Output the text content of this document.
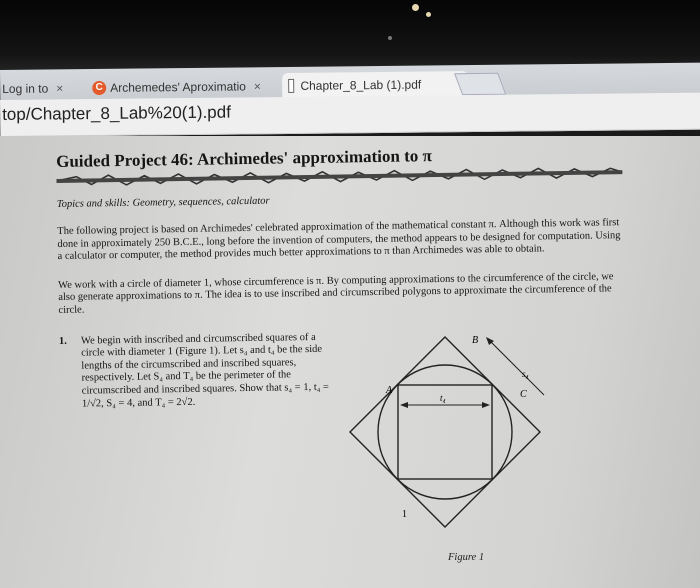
Log in to ×	C Archemedes' Aproximatio ×	Chapter_8_Lab (1).pdf
top/Chapter_8_Lab%20(1).pdf
Guided Project 46: Archimedes' approximation to π
Topics and skills: Geometry, sequences, calculator

The following project is based on Archimedes' celebrated approximation of the mathematical constant π. Although this work was first done in approximately 250 B.C.E., long before the invention of computers, the method appears to be designed for computation. Using a calculator or computer, the method provides much better approximations to π than Archimedes was able to obtain.

We work with a circle of diameter 1, whose circumference is π. By computing approximations to the circumference of the circle, we also generate approximations to π. The idea is to use inscribed and circumscribed polygons to approximate the circumference of the circle.

1. We begin with inscribed and circumscribed squares of a circle with diameter 1 (Figure 1). Let s₄ and t₄ be the side lengths of the circumscribed and inscribed squares, respectively. Let S₄ and T₄ be the perimeter of the circumscribed and inscribed squares. Show that s₄ = 1, t₄ = 1/√2, S₄ = 4, and T₄ = 2√2.
B
C
A
s₄
t₄
1
Figure 1
